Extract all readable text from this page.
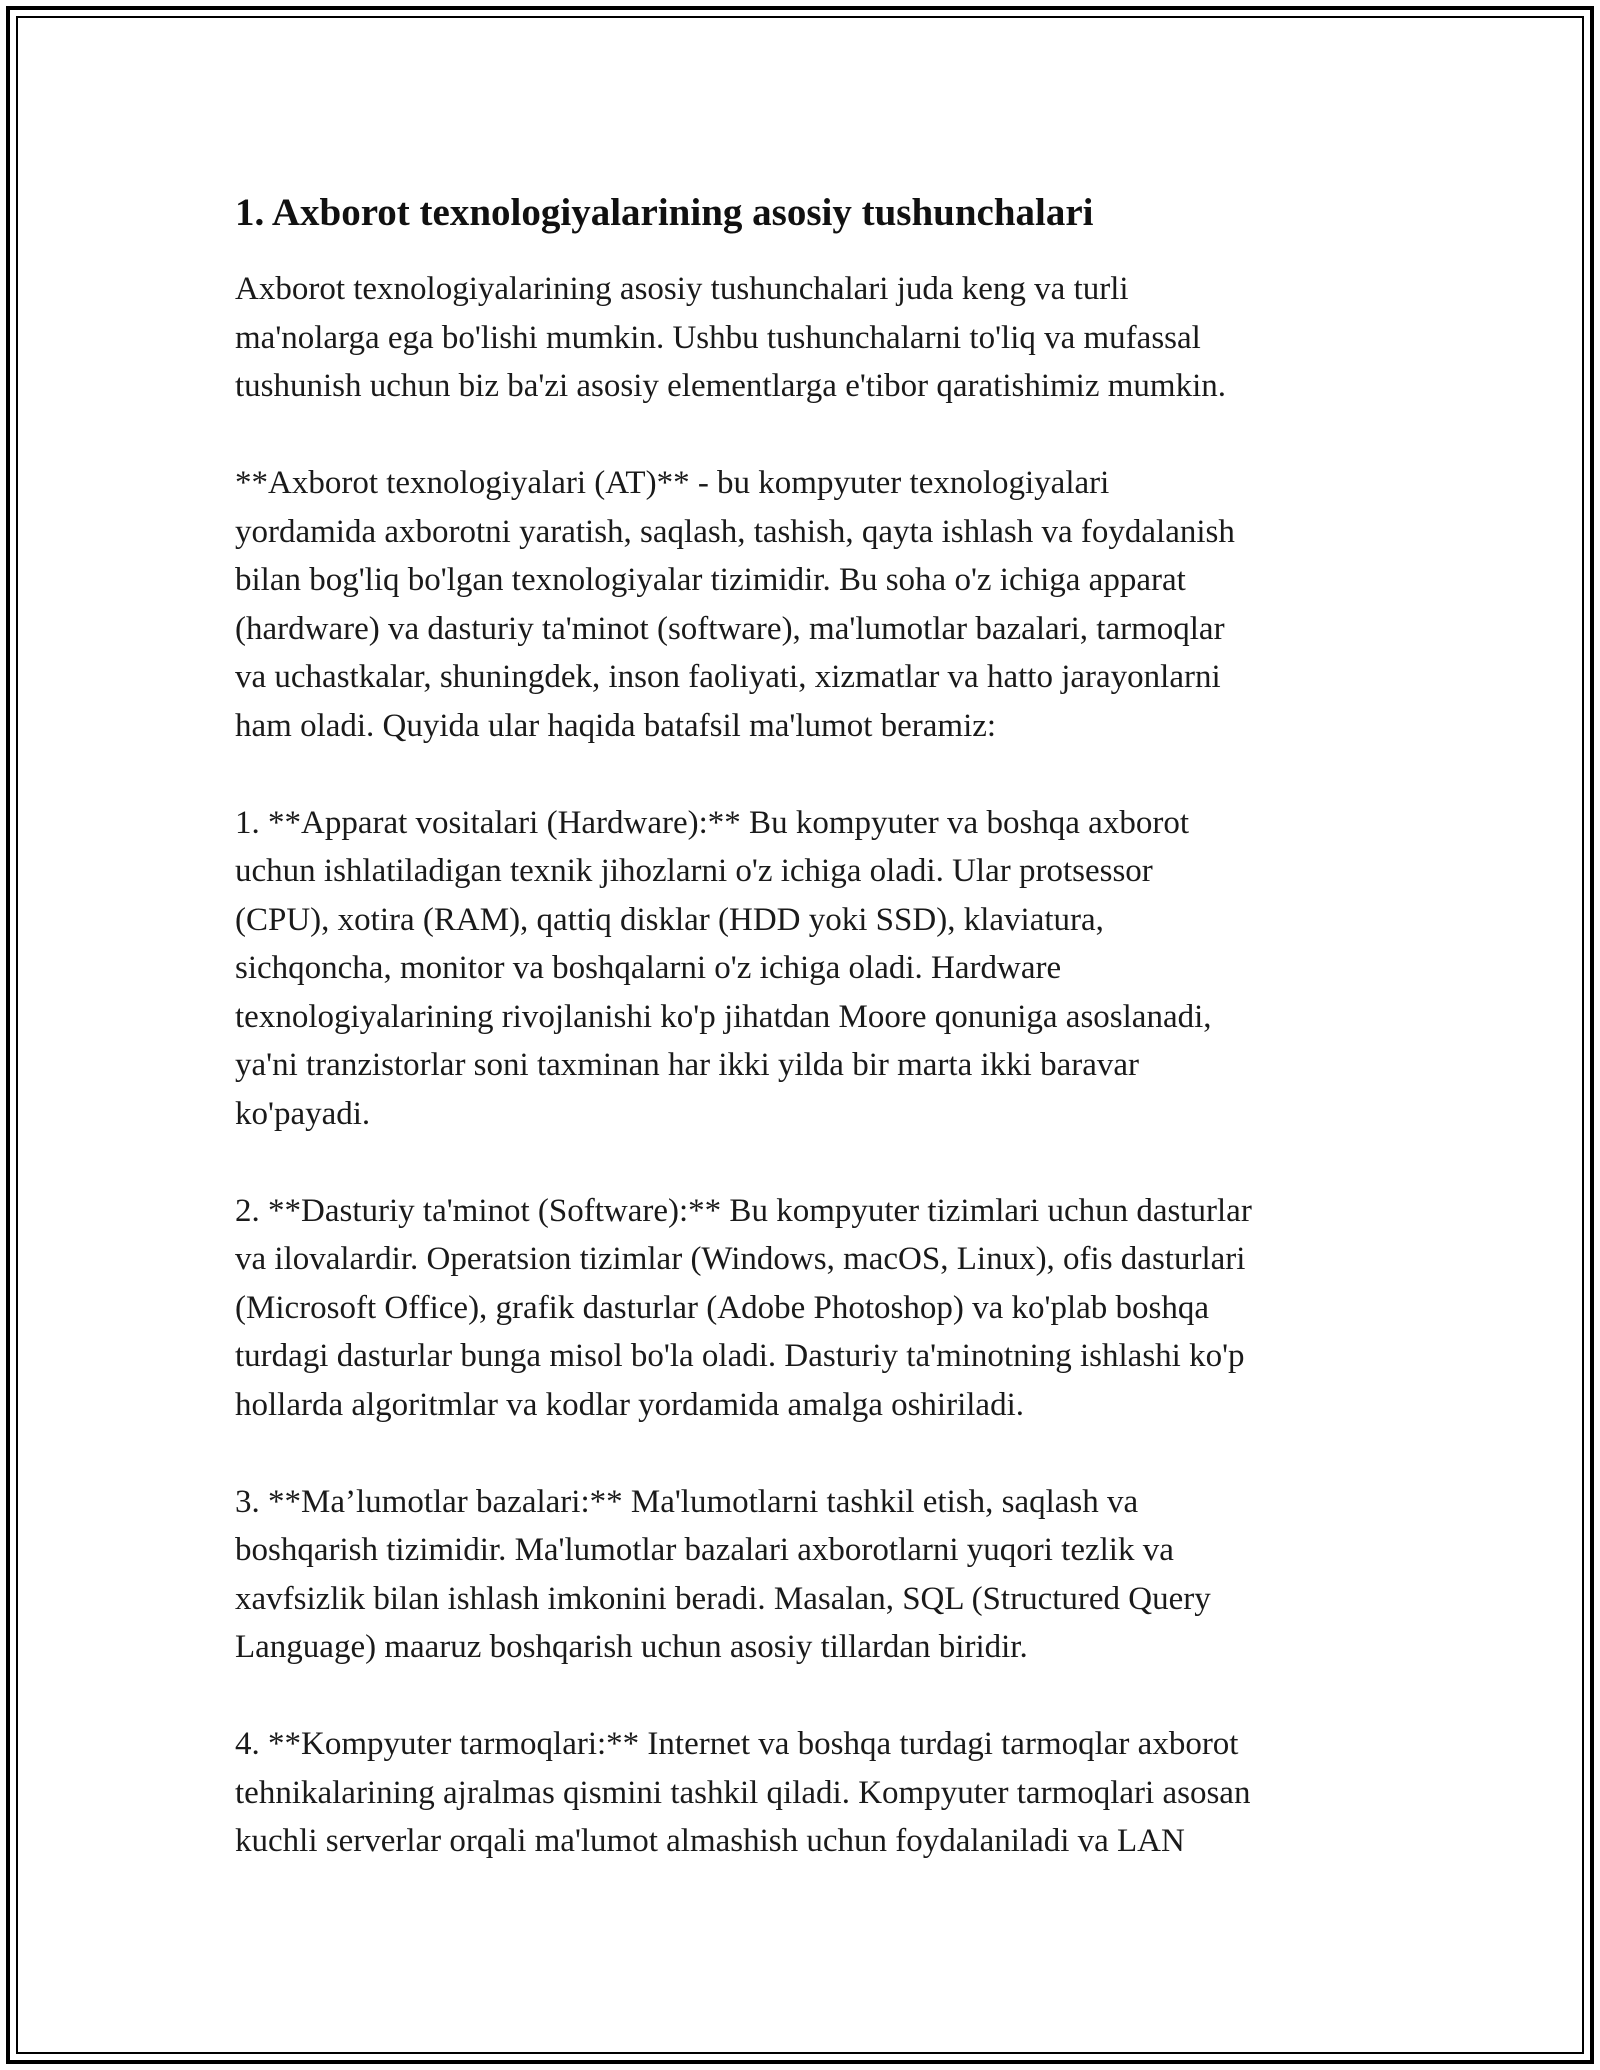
1. Axborot texnologiyalarining asosiy tushunchalari

Axborot texnologiyalarining asosiy tushunchalari juda keng va turli
ma'nolarga ega bo'lishi mumkin. Ushbu tushunchalarni to'liq va mufassal
tushunish uchun biz ba'zi asosiy elementlarga e'tibor qaratishimiz mumkin.

**Axborot texnologiyalari (AT)** - bu kompyuter texnologiyalari
yordamida axborotni yaratish, saqlash, tashish, qayta ishlash va foydalanish
bilan bog'liq bo'lgan texnologiyalar tizimidir. Bu soha o'z ichiga apparat
(hardware) va dasturiy ta'minot (software), ma'lumotlar bazalari, tarmoqlar
va uchastkalar, shuningdek, inson faoliyati, xizmatlar va hatto jarayonlarni
ham oladi. Quyida ular haqida batafsil ma'lumot beramiz:

1. **Apparat vositalari (Hardware):** Bu kompyuter va boshqa axborot
uchun ishlatiladigan texnik jihozlarni o'z ichiga oladi. Ular protsessor
(CPU), xotira (RAM), qattiq disklar (HDD yoki SSD), klaviatura,
sichqoncha, monitor va boshqalarni o'z ichiga oladi. Hardware
texnologiyalarining rivojlanishi ko'p jihatdan Moore qonuniga asoslanadi,
ya'ni tranzistorlar soni taxminan har ikki yilda bir marta ikki baravar
ko'payadi.

2. **Dasturiy ta'minot (Software):** Bu kompyuter tizimlari uchun dasturlar
va ilovalardir. Operatsion tizimlar (Windows, macOS, Linux), ofis dasturlari
(Microsoft Office), grafik dasturlar (Adobe Photoshop) va ko'plab boshqa
turdagi dasturlar bunga misol bo'la oladi. Dasturiy ta'minotning ishlashi ko'p
hollarda algoritmlar va kodlar yordamida amalga oshiriladi.

3. **Ma’lumotlar bazalari:** Ma'lumotlarni tashkil etish, saqlash va
boshqarish tizimidir. Ma'lumotlar bazalari axborotlarni yuqori tezlik va
xavfsizlik bilan ishlash imkonini beradi. Masalan, SQL (Structured Query
Language) maaruz boshqarish uchun asosiy tillardan biridir.

4. **Kompyuter tarmoqlari:** Internet va boshqa turdagi tarmoqlar axborot
tehnikalarining ajralmas qismini tashkil qiladi. Kompyuter tarmoqlari asosan
kuchli serverlar orqali ma'lumot almashish uchun foydalaniladi va LAN
